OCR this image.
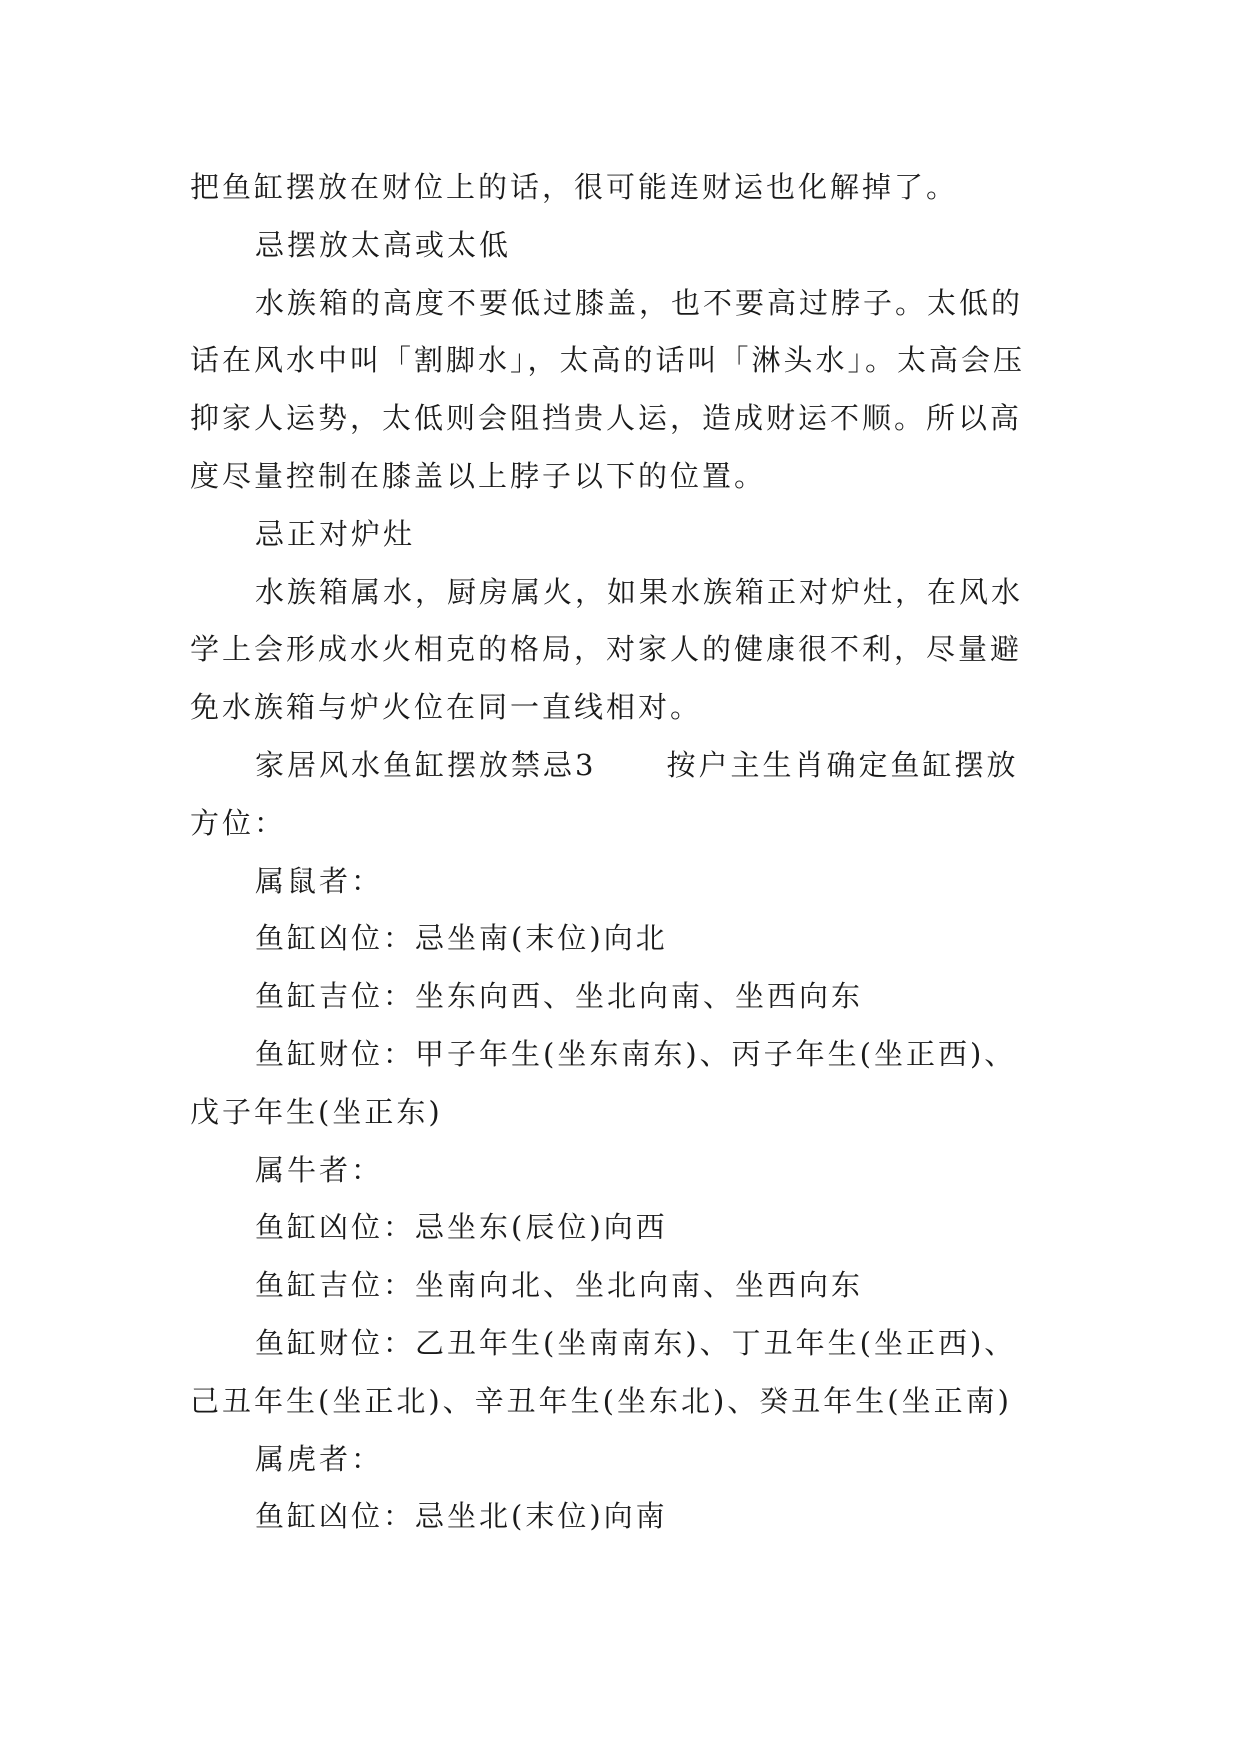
把鱼缸摆放在财位上的话，很可能连财运也化解掉了。
忌摆放太高或太低
水族箱的高度不要低过膝盖，也不要高过脖子。太低的
话在风水中叫「割脚水」，太高的话叫「淋头水」。太高会压
抑家人运势，太低则会阻挡贵人运，造成财运不顺。所以高
度尽量控制在膝盖以上脖子以下的位置。
忌正对炉灶
水族箱属水，厨房属火，如果水族箱正对炉灶，在风水
学上会形成水火相克的格局，对家人的健康很不利，尽量避
免水族箱与炉火位在同一直线相对。
家居风水鱼缸摆放禁忌3 按户主生肖确定鱼缸摆放
方位：
属鼠者：
鱼缸凶位：忌坐南(末位)向北
鱼缸吉位：坐东向西、坐北向南、坐西向东
鱼缸财位：甲子年生(坐东南东)、丙子年生(坐正西)、
戊子年生(坐正东)
属牛者：
鱼缸凶位：忌坐东(辰位)向西
鱼缸吉位：坐南向北、坐北向南、坐西向东
鱼缸财位：乙丑年生(坐南南东)、丁丑年生(坐正西)、
己丑年生(坐正北)、辛丑年生(坐东北)、癸丑年生(坐正南)
属虎者：
鱼缸凶位：忌坐北(末位)向南
